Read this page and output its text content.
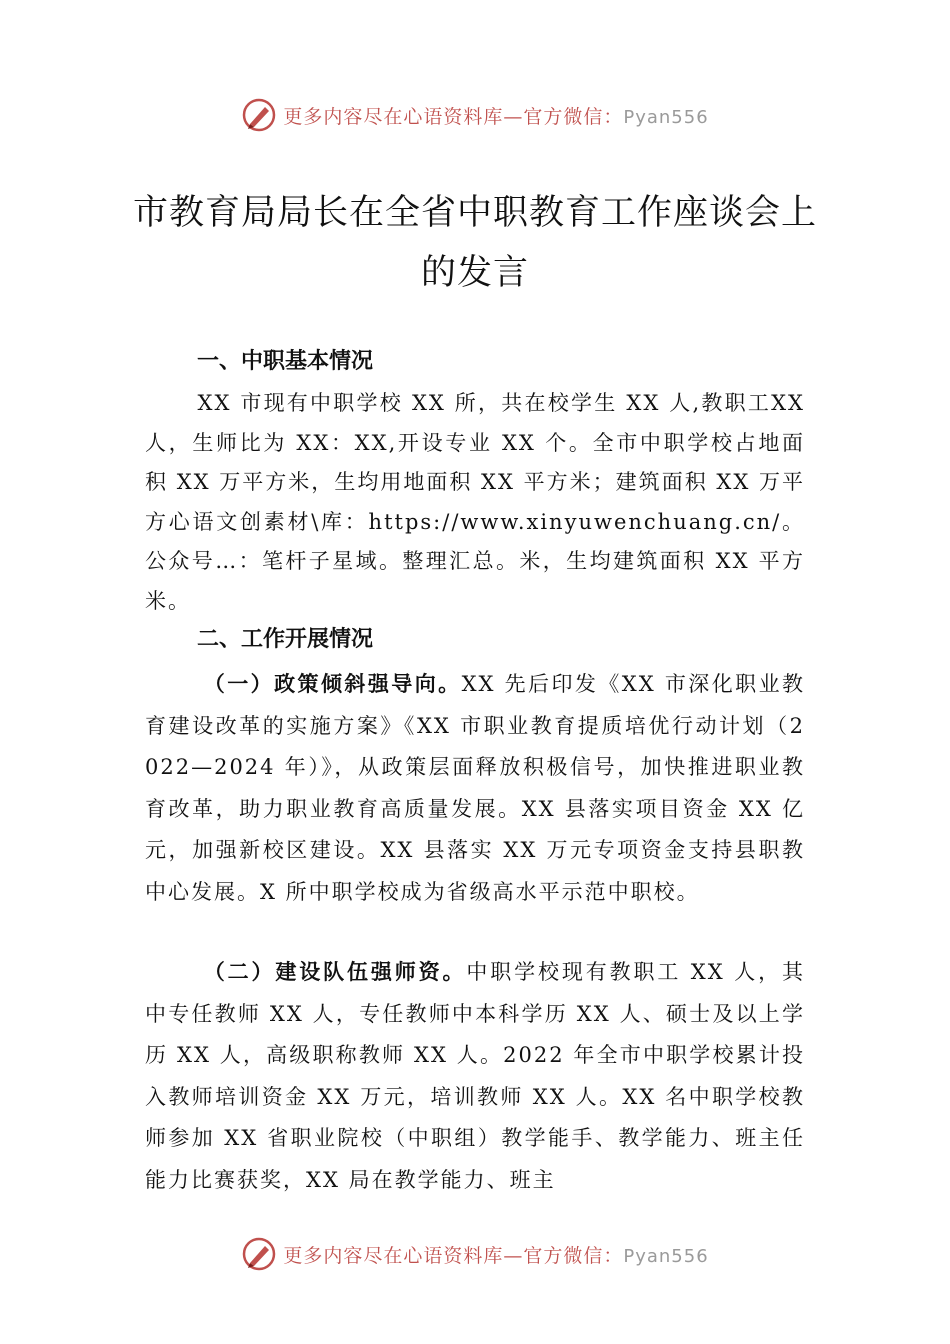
更多内容尽在心语资料库—官方微信：Pyan556
市教育局局长在全省中职教育工作座谈会上的发言
一、中职基本情况

XX 市现有中职学校 XX 所，共在校学生 XX 人,教职工XX 人，生师比为 XX：XX,开设专业 XX 个。全市中职学校占地面积 XX 万平方米，生均用地面积 XX 平方米；建筑面积 XX 万平方心语文创素材\库：https://www.xinyuwenchuang.cn/。公众号…：笔杆子星域。整理汇总。米，生均建筑面积 XX 平方米。

二、工作开展情况

（一）政策倾斜强导向。XX 先后印发《XX 市深化职业教育建设改革的实施方案》《XX 市职业教育提质培优行动计划（2022—2024 年）》，从政策层面释放积极信号，加快推进职业教育改革，助力职业教育高质量发展。XX 县落实项目资金 XX 亿元，加强新校区建设。XX 县落实 XX 万元专项资金支持县职教中心发展。X 所中职学校成为省级高水平示范中职校。

（二）建设队伍强师资。中职学校现有教职工 XX 人，其中专任教师 XX 人，专任教师中本科学历 XX 人、硕士及以上学历 XX 人，高级职称教师 XX 人。2022 年全市中职学校累计投入教师培训资金 XX 万元，培训教师 XX 人。XX 名中职学校教师参加 XX 省职业院校（中职组）教学能手、教学能力、班主任能力比赛获奖，XX 局在教学能力、班主

更多内容尽在心语资料库—官方微信：Pyan556
